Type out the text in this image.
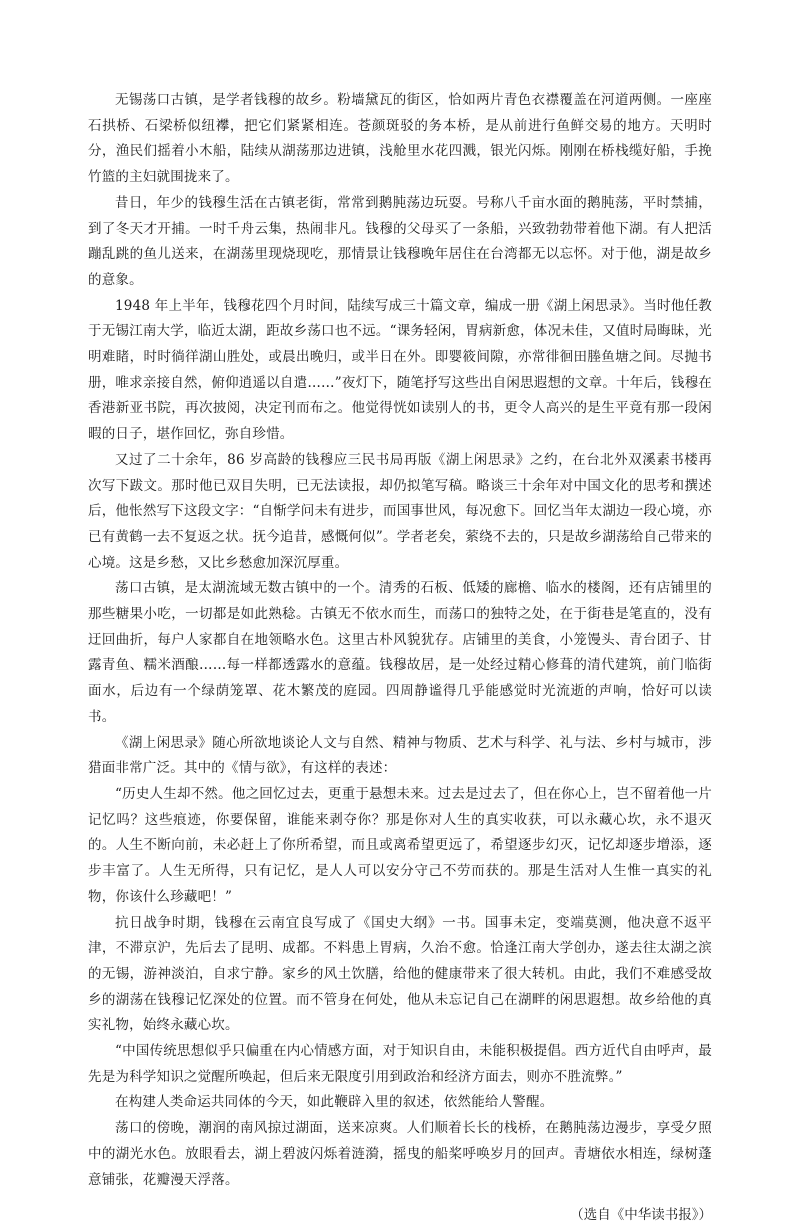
无锡荡口古镇，是学者钱穆的故乡。粉墙黛瓦的街区，恰如两片青色衣襟覆盖在河道两侧。一座座石拱桥、石梁桥似纽襻，把它们紧紧相连。苍颜斑驳的务本桥，是从前进行鱼鲜交易的地方。天明时分，渔民们摇着小木船，陆续从湖荡那边进镇，浅舱里水花四溅，银光闪烁。刚刚在桥栈缆好船，手挽竹篮的主妇就围拢来了。

昔日，年少的钱穆生活在古镇老街，常常到鹅肫荡边玩耍。号称八千亩水面的鹅肫荡，平时禁捕，到了冬天才开捕。一时千舟云集，热闹非凡。钱穆的父母买了一条船，兴致勃勃带着他下湖。有人把活蹦乱跳的鱼儿送来，在湖荡里现烧现吃，那情景让钱穆晚年居住在台湾都无以忘怀。对于他，湖是故乡的意象。

1948 年上半年，钱穆花四个月时间，陆续写成三十篇文章，编成一册《湖上闲思录》。当时他任教于无锡江南大学，临近太湖，距故乡荡口也不远。“课务轻闲，胃病新愈，体况未佳，又值时局晦昧，光明难睹，时时徜徉湖山胜处，或晨出晚归，或半日在外。即婴筱间隙，亦常徘徊田塍鱼塘之间。尽抛书册，唯求亲接自然，俯仰逍遥以自遣……”夜灯下，随笔抒写这些出自闲思遐想的文章。十年后，钱穆在香港新亚书院，再次披阅，决定刊而布之。他觉得恍如读别人的书，更令人高兴的是生平竟有那一段闲暇的日子，堪作回忆，弥自珍惜。

又过了二十余年，86 岁高龄的钱穆应三民书局再版《湖上闲思录》之约，在台北外双溪素书楼再次写下跋文。那时他已双目失明，已无法读报，却仍拟笔写稿。略谈三十余年对中国文化的思考和撰述后，他怅然写下这段文字：“自惭学问未有进步，而国事世风，每况愈下。回忆当年太湖边一段心境，亦已有黄鹤一去不复返之状。抚今追昔，感慨何似”。学者老矣，萦绕不去的，只是故乡湖荡给自己带来的心境。这是乡愁，又比乡愁愈加深沉厚重。

荡口古镇，是太湖流域无数古镇中的一个。清秀的石板、低矮的廊檐、临水的楼阁，还有店铺里的那些糖果小吃，一切都是如此熟稔。古镇无不依水而生，而荡口的独特之处，在于街巷是笔直的，没有迂回曲折，每户人家都自在地领略水色。这里古朴风貌犹存。店铺里的美食，小笼馒头、青台团子、甘露青鱼、糯米酒酿……每一样都透露水的意蕴。钱穆故居，是一处经过精心修葺的清代建筑，前门临街面水，后边有一个绿荫笼罩、花木繁茂的庭园。四周静谧得几乎能感觉时光流逝的声响，恰好可以读书。

《湖上闲思录》随心所欲地谈论人文与自然、精神与物质、艺术与科学、礼与法、乡村与城市，涉猎面非常广泛。其中的《情与欲》，有这样的表述：

“历史人生却不然。他之回忆过去，更重于悬想未来。过去是过去了，但在你心上，岂不留着他一片记忆吗？这些痕迹，你要保留，谁能来剥夺你？那是你对人生的真实收获，可以永藏心坎，永不退灭的。人生不断向前，未必赶上了你所希望，而且或离希望更远了，希望逐步幻灭，记忆却逐步增添，逐步丰富了。人生无所得，只有记忆，是人人可以安分守己不劳而获的。那是生活对人生惟一真实的礼物，你该什么珍藏吧！”

抗日战争时期，钱穆在云南宜良写成了《国史大纲》一书。国事未定，变端莫测，他决意不返平津，不滞京沪，先后去了昆明、成都。不料患上胃病，久治不愈。恰逢江南大学创办，遂去往太湖之滨的无锡，游神淡泊，自求宁静。家乡的风土饮膳，给他的健康带来了很大转机。由此，我们不难感受故乡的湖荡在钱穆记忆深处的位置。而不管身在何处，他从未忘记自己在湖畔的闲思遐想。故乡给他的真实礼物，始终永藏心坎。

“中国传统思想似乎只偏重在内心情感方面，对于知识自由，未能积极提倡。西方近代自由呼声，最先是为科学知识之觉醒所唤起，但后来无限度引用到政治和经济方面去，则亦不胜流弊。”

在构建人类命运共同体的今天，如此鞭辟入里的叙述，依然能给人警醒。

荡口的傍晚，潮润的南风掠过湖面，送来凉爽。人们顺着长长的栈桥，在鹅肫荡边漫步，享受夕照中的湖光水色。放眼看去，湖上碧波闪烁着涟漪，摇曳的船桨呼唤岁月的回声。青塘依水相连，绿树蓬意铺张，花瓣漫天浮落。

（选自《中华读书报》）
